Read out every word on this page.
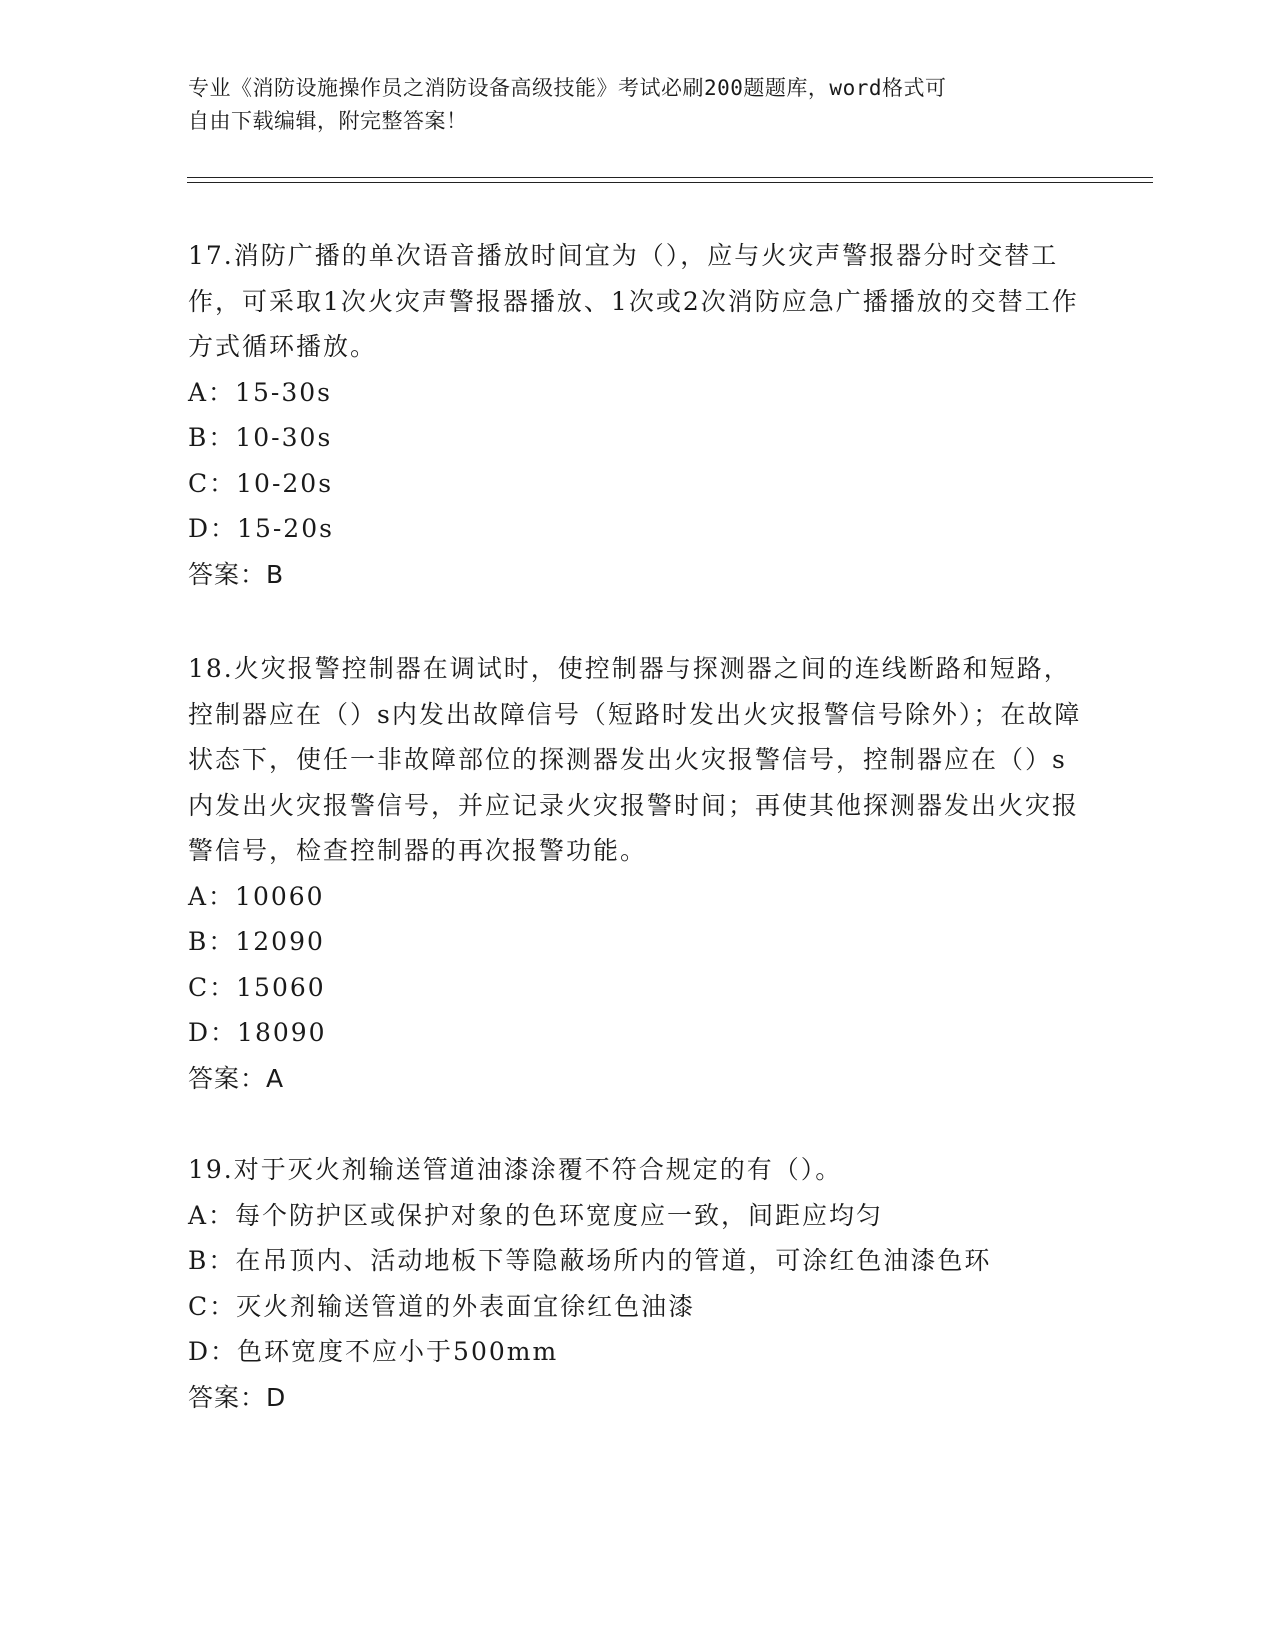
专业《消防设施操作员之消防设备高级技能》考试必刷200题题库，word格式可
自由下载编辑，附完整答案！

17.消防广播的单次语音播放时间宜为（），应与火灾声警报器分时交替工作，可采取1次火灾声警报器播放、1次或2次消防应急广播播放的交替工作方式循环播放。

A：15-30s

B：10-30s

C：10-20s

D：15-20s

答案：B

18.火灾报警控制器在调试时，使控制器与探测器之间的连线断路和短路，控制器应在（）s内发出故障信号（短路时发出火灾报警信号除外）；在故障状态下，使任一非故障部位的探测器发出火灾报警信号，控制器应在（）s内发出火灾报警信号，并应记录火灾报警时间；再使其他探测器发出火灾报警信号，检查控制器的再次报警功能。

A：10060

B：12090

C：15060

D：18090

答案：A

19.对于灭火剂输送管道油漆涂覆不符合规定的有（）。

A：每个防护区或保护对象的色环宽度应一致，间距应均匀

B：在吊顶内、活动地板下等隐蔽场所内的管道，可涂红色油漆色环

C：灭火剂输送管道的外表面宜徐红色油漆

D：色环宽度不应小于500mm

答案：D
